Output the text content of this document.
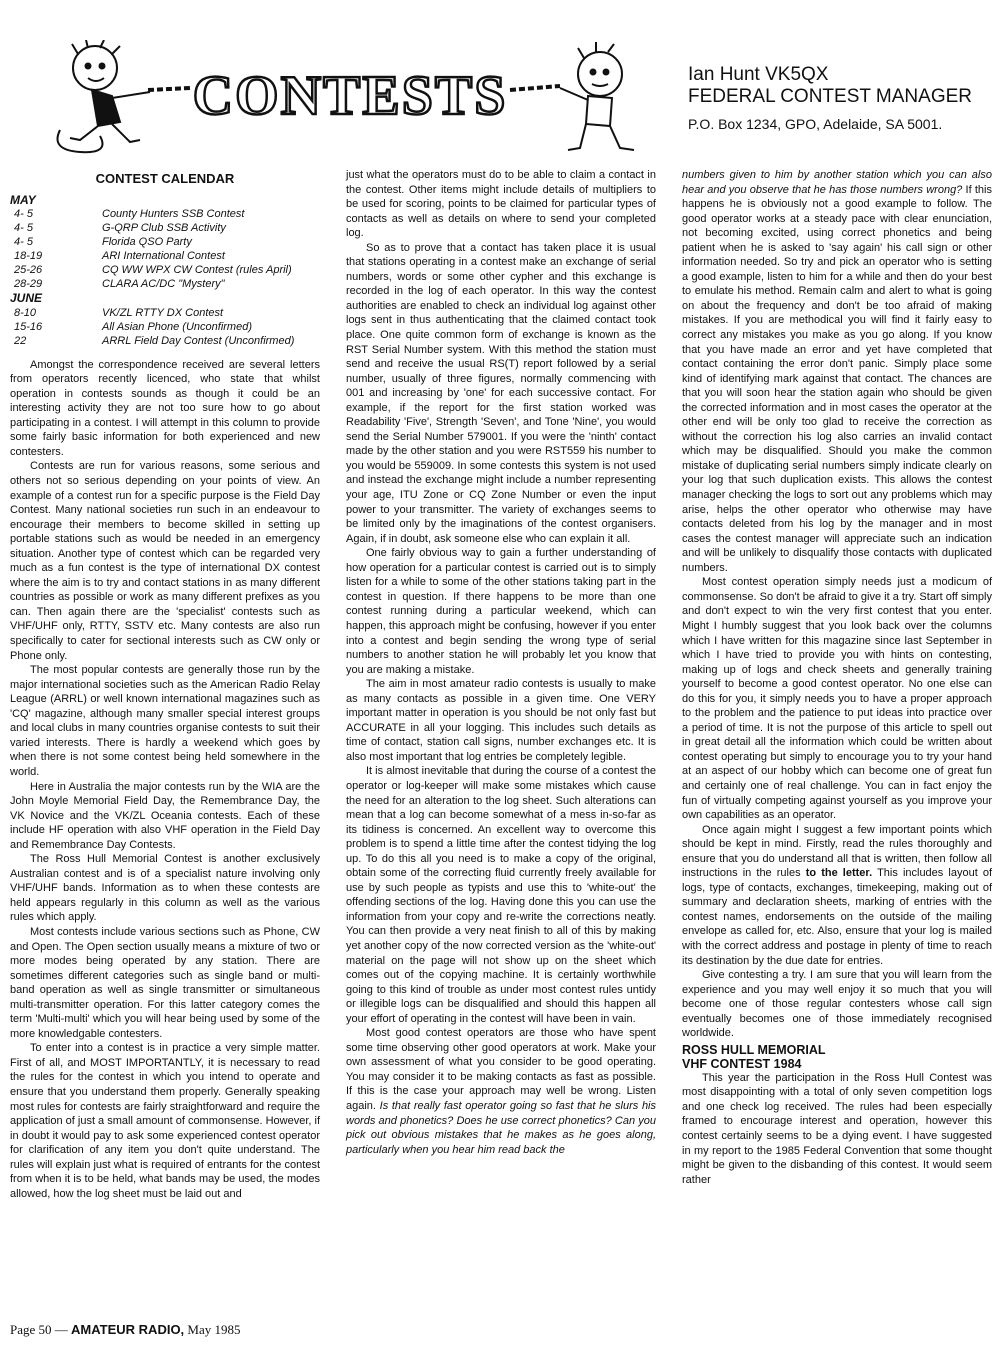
CONTESTS	Ian Hunt VK5QX
FEDERAL CONTEST MANAGER
P.O. Box 1234, GPO, Adelaide, SA 5001.
CONTEST CALENDAR
MAY
4- 5	County Hunters SSB Contest
4- 5	G-QRP Club SSB Activity
4- 5	Florida QSO Party
18-19	ARI International Contest
25-26	CQ WW WPX CW Contest (rules April)
28-29	CLARA AC/DC "Mystery"
JUNE
8-10	VK/ZL RTTY DX Contest
15-16	All Asian Phone (Unconfirmed)
22	ARRL Field Day Contest (Unconfirmed)

Amongst the correspondence received are several letters from operators recently licenced, who state that whilst operation in contests sounds as though it could be an interesting activity they are not too sure how to go about participating in a contest. I will attempt in this column to provide some fairly basic information for both experienced and new contesters.

Contests are run for various reasons, some serious and others not so serious depending on your points of view. An example of a contest run for a specific purpose is the Field Day Contest. Many national societies run such in an endeavour to encourage their members to become skilled in setting up portable stations such as would be needed in an emergency situation. Another type of contest which can be regarded very much as a fun contest is the type of international DX contest where the aim is to try and contact stations in as many different countries as possible or work as many different prefixes as you can. Then again there are the 'specialist' contests such as VHF/UHF only, RTTY, SSTV etc. Many contests are also run specifically to cater for sectional interests such as CW only or Phone only.

The most popular contests are generally those run by the major international societies such as the American Radio Relay League (ARRL) or well known international magazines such as 'CQ' magazine, although many smaller special interest groups and local clubs in many countries organise contests to suit their varied interests. There is hardly a weekend which goes by when there is not some contest being held somewhere in the world.

Here in Australia the major contests run by the WIA are the John Moyle Memorial Field Day, the Remembrance Day, the VK Novice and the VK/ZL Oceania contests. Each of these include HF operation with also VHF operation in the Field Day and Remembrance Day Contests.

The Ross Hull Memorial Contest is another exclusively Australian contest and is of a specialist nature involving only VHF/UHF bands. Information as to when these contests are held appears regularly in this column as well as the various rules which apply.

Most contests include various sections such as Phone, CW and Open. The Open section usually means a mixture of two or more modes being operated by any station. There are sometimes different categories such as single band or multi-band operation as well as single transmitter or simultaneous multi-transmitter operation. For this latter category comes the term 'Multi-multi' which you will hear being used by some of the more knowledgable contesters.

To enter into a contest is in practice a very simple matter. First of all, and MOST IMPORTANTLY, it is necessary to read the rules for the contest in which you intend to operate and ensure that you understand them properly. Generally speaking most rules for contests are fairly straightforward and require the application of just a small amount of commonsense. However, if in doubt it would pay to ask some experienced contest operator for clarification of any item you don't quite understand. The rules will explain just what is required of entrants for the contest from when it is to be held, what bands may be used, the modes allowed, how the log sheet must be laid out and

just what the operators must do to be able to claim a contact in the contest. Other items might include details of multipliers to be used for scoring, points to be claimed for particular types of contacts as well as details on where to send your completed log.

So as to prove that a contact has taken place it is usual that stations operating in a contest make an exchange of serial numbers, words or some other cypher and this exchange is recorded in the log of each operator. In this way the contest authorities are enabled to check an individual log against other logs sent in thus authenticating that the claimed contact took place. One quite common form of exchange is known as the RST Serial Number system. With this method the station must send and receive the usual RS(T) report followed by a serial number, usually of three figures, normally commencing with 001 and increasing by 'one' for each successive contact. For example, if the report for the first station worked was Readability 'Five', Strength 'Seven', and Tone 'Nine', you would send the Serial Number 579001. If you were the 'ninth' contact made by the other station and you were RST559 his number to you would be 559009. In some contests this system is not used and instead the exchange might include a number representing your age, ITU Zone or CQ Zone Number or even the input power to your transmitter. The variety of exchanges seems to be limited only by the imaginations of the contest organisers. Again, if in doubt, ask someone else who can explain it all.

One fairly obvious way to gain a further understanding of how operation for a particular contest is carried out is to simply listen for a while to some of the other stations taking part in the contest in question. If there happens to be more than one contest running during a particular weekend, which can happen, this approach might be confusing, however if you enter into a contest and begin sending the wrong type of serial numbers to another station he will probably let you know that you are making a mistake.

The aim in most amateur radio contests is usually to make as many contacts as possible in a given time. One VERY important matter in operation is you should be not only fast but ACCURATE in all your logging. This includes such details as time of contact, station call signs, number exchanges etc. It is also most important that log entries be completely legible.

It is almost inevitable that during the course of a contest the operator or log-keeper will make some mistakes which cause the need for an alteration to the log sheet. Such alterations can mean that a log can become somewhat of a mess in-so-far as its tidiness is concerned. An excellent way to overcome this problem is to spend a little time after the contest tidying the log up. To do this all you need is to make a copy of the original, obtain some of the correcting fluid currently freely available for use by such people as typists and use this to 'white-out' the offending sections of the log. Having done this you can use the information from your copy and re-write the corrections neatly. You can then provide a very neat finish to all of this by making yet another copy of the now corrected version as the 'white-out' material on the page will not show up on the sheet which comes out of the copying machine. It is certainly worthwhile going to this kind of trouble as under most contest rules untidy or illegible logs can be disqualified and should this happen all your effort of operating in the contest will have been in vain.

Most good contest operators are those who have spent some time observing other good operators at work. Make your own assessment of what you consider to be good operating. You may consider it to be making contacts as fast as possible. If this is the case your approach may well be wrong. Listen again. Is that really fast operator going so fast that he slurs his words and phonetics? Does he use correct phonetics? Can you pick out obvious mistakes that he makes as he goes along, particularly when you hear him read back the

numbers given to him by another station which you can also hear and you observe that he has those numbers wrong? If this happens he is obviously not a good example to follow. The good operator works at a steady pace with clear enunciation, not becoming excited, using correct phonetics and being patient when he is asked to 'say again' his call sign or other information needed. So try and pick an operator who is setting a good example, listen to him for a while and then do your best to emulate his method. Remain calm and alert to what is going on about the frequency and don't be too afraid of making mistakes. If you are methodical you will find it fairly easy to correct any mistakes you make as you go along. If you know that you have made an error and yet have completed that contact containing the error don't panic. Simply place some kind of identifying mark against that contact. The chances are that you will soon hear the station again who should be given the corrected information and in most cases the operator at the other end will be only too glad to receive the correction as without the correction his log also carries an invalid contact which may be disqualified. Should you make the common mistake of duplicating serial numbers simply indicate clearly on your log that such duplication exists. This allows the contest manager checking the logs to sort out any problems which may arise, helps the other operator who otherwise may have contacts deleted from his log by the manager and in most cases the contest manager will appreciate such an indication and will be unlikely to disqualify those contacts with duplicated numbers.

Most contest operation simply needs just a modicum of commonsense. So don't be afraid to give it a try. Start off simply and don't expect to win the very first contest that you enter. Might I humbly suggest that you look back over the columns which I have written for this magazine since last September in which I have tried to provide you with hints on contesting, making up of logs and check sheets and generally training yourself to become a good contest operator. No one else can do this for you, it simply needs you to have a proper approach to the problem and the patience to put ideas into practice over a period of time. It is not the purpose of this article to spell out in great detail all the information which could be written about contest operating but simply to encourage you to try your hand at an aspect of our hobby which can become one of great fun and certainly one of real challenge. You can in fact enjoy the fun of virtually competing against yourself as you improve your own capabilities as an operator.

Once again might I suggest a few important points which should be kept in mind. Firstly, read the rules thoroughly and ensure that you do understand all that is written, then follow all instructions in the rules to the letter. This includes layout of logs, type of contacts, exchanges, timekeeping, making out of summary and declaration sheets, marking of entries with the contest names, endorsements on the outside of the mailing envelope as called for, etc. Also, ensure that your log is mailed with the correct address and postage in plenty of time to reach its destination by the due date for entries.

Give contesting a try. I am sure that you will learn from the experience and you may well enjoy it so much that you will become one of those regular contesters whose call sign eventually becomes one of those immediately recognised worldwide.

ROSS HULL MEMORIAL
VHF CONTEST 1984

This year the participation in the Ross Hull Contest was most disappointing with a total of only seven competition logs and one check log received. The rules had been especially framed to encourage interest and operation, however this contest certainly seems to be a dying event. I have suggested in my report to the 1985 Federal Convention that some thought might be given to the disbanding of this contest. It would seem rather

Page 50 — AMATEUR RADIO, May 1985
